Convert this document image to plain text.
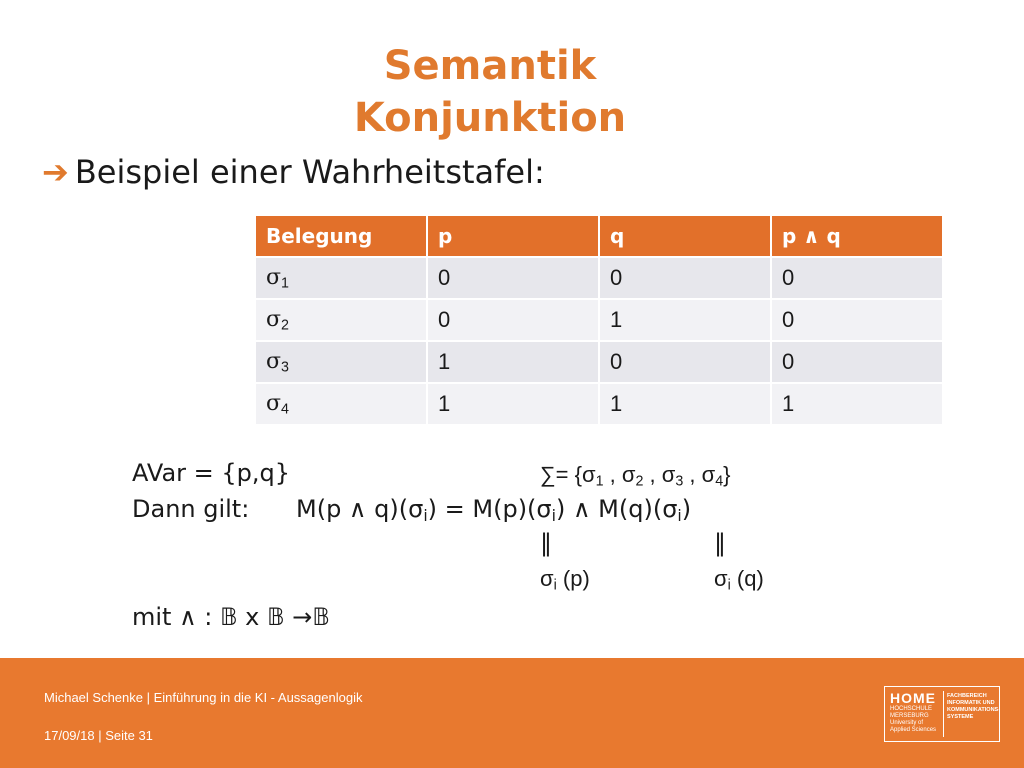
Semantik
Konjunktion
➔ Beispiel einer Wahrheitstafel:
Belegung	p	q	p ∧ q
$\sigma_1$	0	0	0
$\sigma_2$	0	1	0
$\sigma_3$	1	0	0
$\sigma_4$	1	1	1
AVar = {p,q}	∑= {$\sigma_1$ , $\sigma_2$ , $\sigma_3$ , $\sigma_4$}
Dann gilt: M(p ∧ $q)(\sigma_i) = M(p)(\sigma_i)$ ∧ $M(q)(\sigma_i)$
‖	‖
$\sigma_i$ (p)	$\sigma_i$ (q)
mit ∧ : 𝔹 x 𝔹 →𝔹
Michael Schenke | Einführung in die KI - Aussagenlogik
17/09/18 | Seite 31
HOME
HOCHSCHULE MERSEBURG University of Applied Sciences
FACHBEREICH INFORMATIK UND KOMMUNIKATIONS-SYSTEME
